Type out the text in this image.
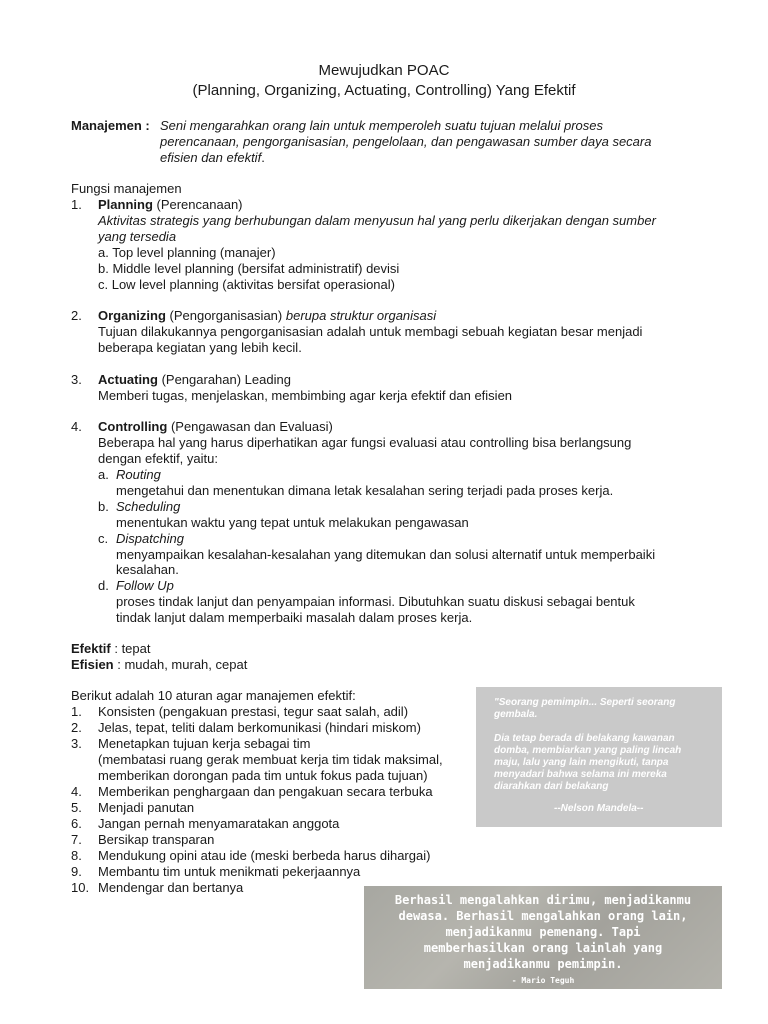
Mewujudkan POAC
(Planning, Organizing, Actuating, Controlling) Yang Efektif
Manajemen : Seni mengarahkan orang lain untuk memperoleh suatu tujuan melalui proses
perencanaan, pengorganisasian, pengelolaan, dan pengawasan sumber daya secara
efisien dan efektif.
Fungsi manajemen
1. Planning (Perencanaan)
Aktivitas strategis yang berhubungan dalam menyusun hal yang perlu dikerjakan dengan sumber
yang tersedia
a. Top level planning (manajer)
b. Middle level planning (bersifat administratif) devisi
c. Low level planning (aktivitas bersifat operasional)
2. Organizing (Pengorganisasian) berupa struktur organisasi
Tujuan dilakukannya pengorganisasian adalah untuk membagi sebuah kegiatan besar menjadi
beberapa kegiatan yang lebih kecil.
3. Actuating (Pengarahan) Leading
Memberi tugas, menjelaskan, membimbing agar kerja efektif dan efisien
4. Controlling (Pengawasan dan Evaluasi)
Beberapa hal yang harus diperhatikan agar fungsi evaluasi atau controlling bisa berlangsung
dengan efektif, yaitu:
a. Routing
mengetahui dan menentukan dimana letak kesalahan sering terjadi pada proses kerja.
b. Scheduling
menentukan waktu yang tepat untuk melakukan pengawasan
c. Dispatching
menyampaikan kesalahan-kesalahan yang ditemukan dan solusi alternatif untuk memperbaiki
kesalahan.
d. Follow Up
proses tindak lanjut dan penyampaian informasi. Dibutuhkan suatu diskusi sebagai bentuk
tindak lanjut dalam memperbaiki masalah dalam proses kerja.
Efektif : tepat
Efisien : mudah, murah, cepat
Berikut adalah 10 aturan agar manajemen efektif:
1. Konsisten (pengakuan prestasi, tegur saat salah, adil)
2. Jelas, tepat, teliti dalam berkomunikasi (hindari miskom)
3. Menetapkan tujuan kerja sebagai tim
(membatasi ruang gerak membuat kerja tim tidak maksimal,
memberikan dorongan pada tim untuk fokus pada tujuan)
4. Memberikan penghargaan dan pengakuan secara terbuka
5. Menjadi panutan
6. Jangan pernah menyamaratakan anggota
7. Bersikap transparan
8. Mendukung opini atau ide (meski berbeda harus dihargai)
9. Membantu tim untuk menikmati pekerjaannya
10. Mendengar dan bertanya
"Seorang pemimpin... Seperti seorang
gembala.
Dia tetap berada di belakang kawanan
domba, membiarkan yang paling lincah
maju, lalu yang lain mengikuti, tanpa
menyadari bahwa selama ini mereka
diarahkan dari belakang
--Nelson Mandela--
Berhasil mengalahkan dirimu, menjadikanmu
dewasa. Berhasil mengalahkan orang lain,
menjadikanmu pemenang. Tapi
memberhasilkan orang lainlah yang
menjadikanmu pemimpin.
- Mario Teguh
